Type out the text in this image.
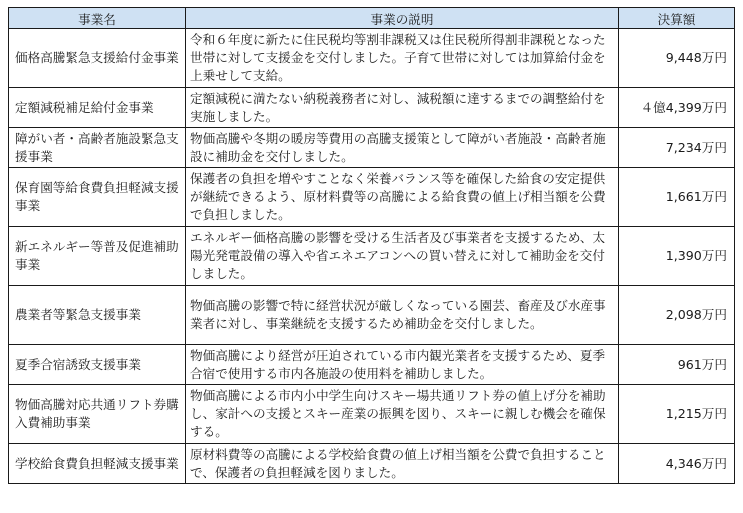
事業名	事業の説明	決算額
価格高騰緊急支援給付金事業	令和６年度に新たに住民税均等割非課税又は住民税所得割非課税となった世帯に対して支援金を交付しました。子育て世帯に対しては加算給付金を上乗せして支給。	9,448万円
定額減税補足給付金事業	定額減税に満たない納税義務者に対し、減税額に達するまでの調整給付を実施しました。	４億4,399万円
障がい者・高齢者施設緊急支援事業	物価高騰や冬期の暖房等費用の高騰支援策として障がい者施設・高齢者施設に補助金を交付しました。	7,234万円
保育園等給食費負担軽減支援事業	保護者の負担を増やすことなく栄養バランス等を確保した給食の安定提供が継続できるよう、原材料費等の高騰による給食費の値上げ相当額を公費で負担しました。	1,661万円
新エネルギー等普及促進補助事業	エネルギー価格高騰の影響を受ける生活者及び事業者を支援するため、太陽光発電設備の導入や省エネエアコンへの買い替えに対して補助金を交付しました。	1,390万円
農業者等緊急支援事業	物価高騰の影響で特に経営状況が厳しくなっている園芸、畜産及び水産事業者に対し、事業継続を支援するため補助金を交付しました。	2,098万円
夏季合宿誘致支援事業	物価高騰により経営が圧迫されている市内観光業者を支援するため、夏季合宿で使用する市内各施設の使用料を補助しました。	961万円
物価高騰対応共通リフト券購入費補助事業	物価高騰による市内小中学生向けスキー場共通リフト券の値上げ分を補助し、家計への支援とスキー産業の振興を図り、スキーに親しむ機会を確保する。	1,215万円
学校給食費負担軽減支援事業	原材料費等の高騰による学校給食費の値上げ相当額を公費で負担することで、保護者の負担軽減を図りました。	4,346万円
